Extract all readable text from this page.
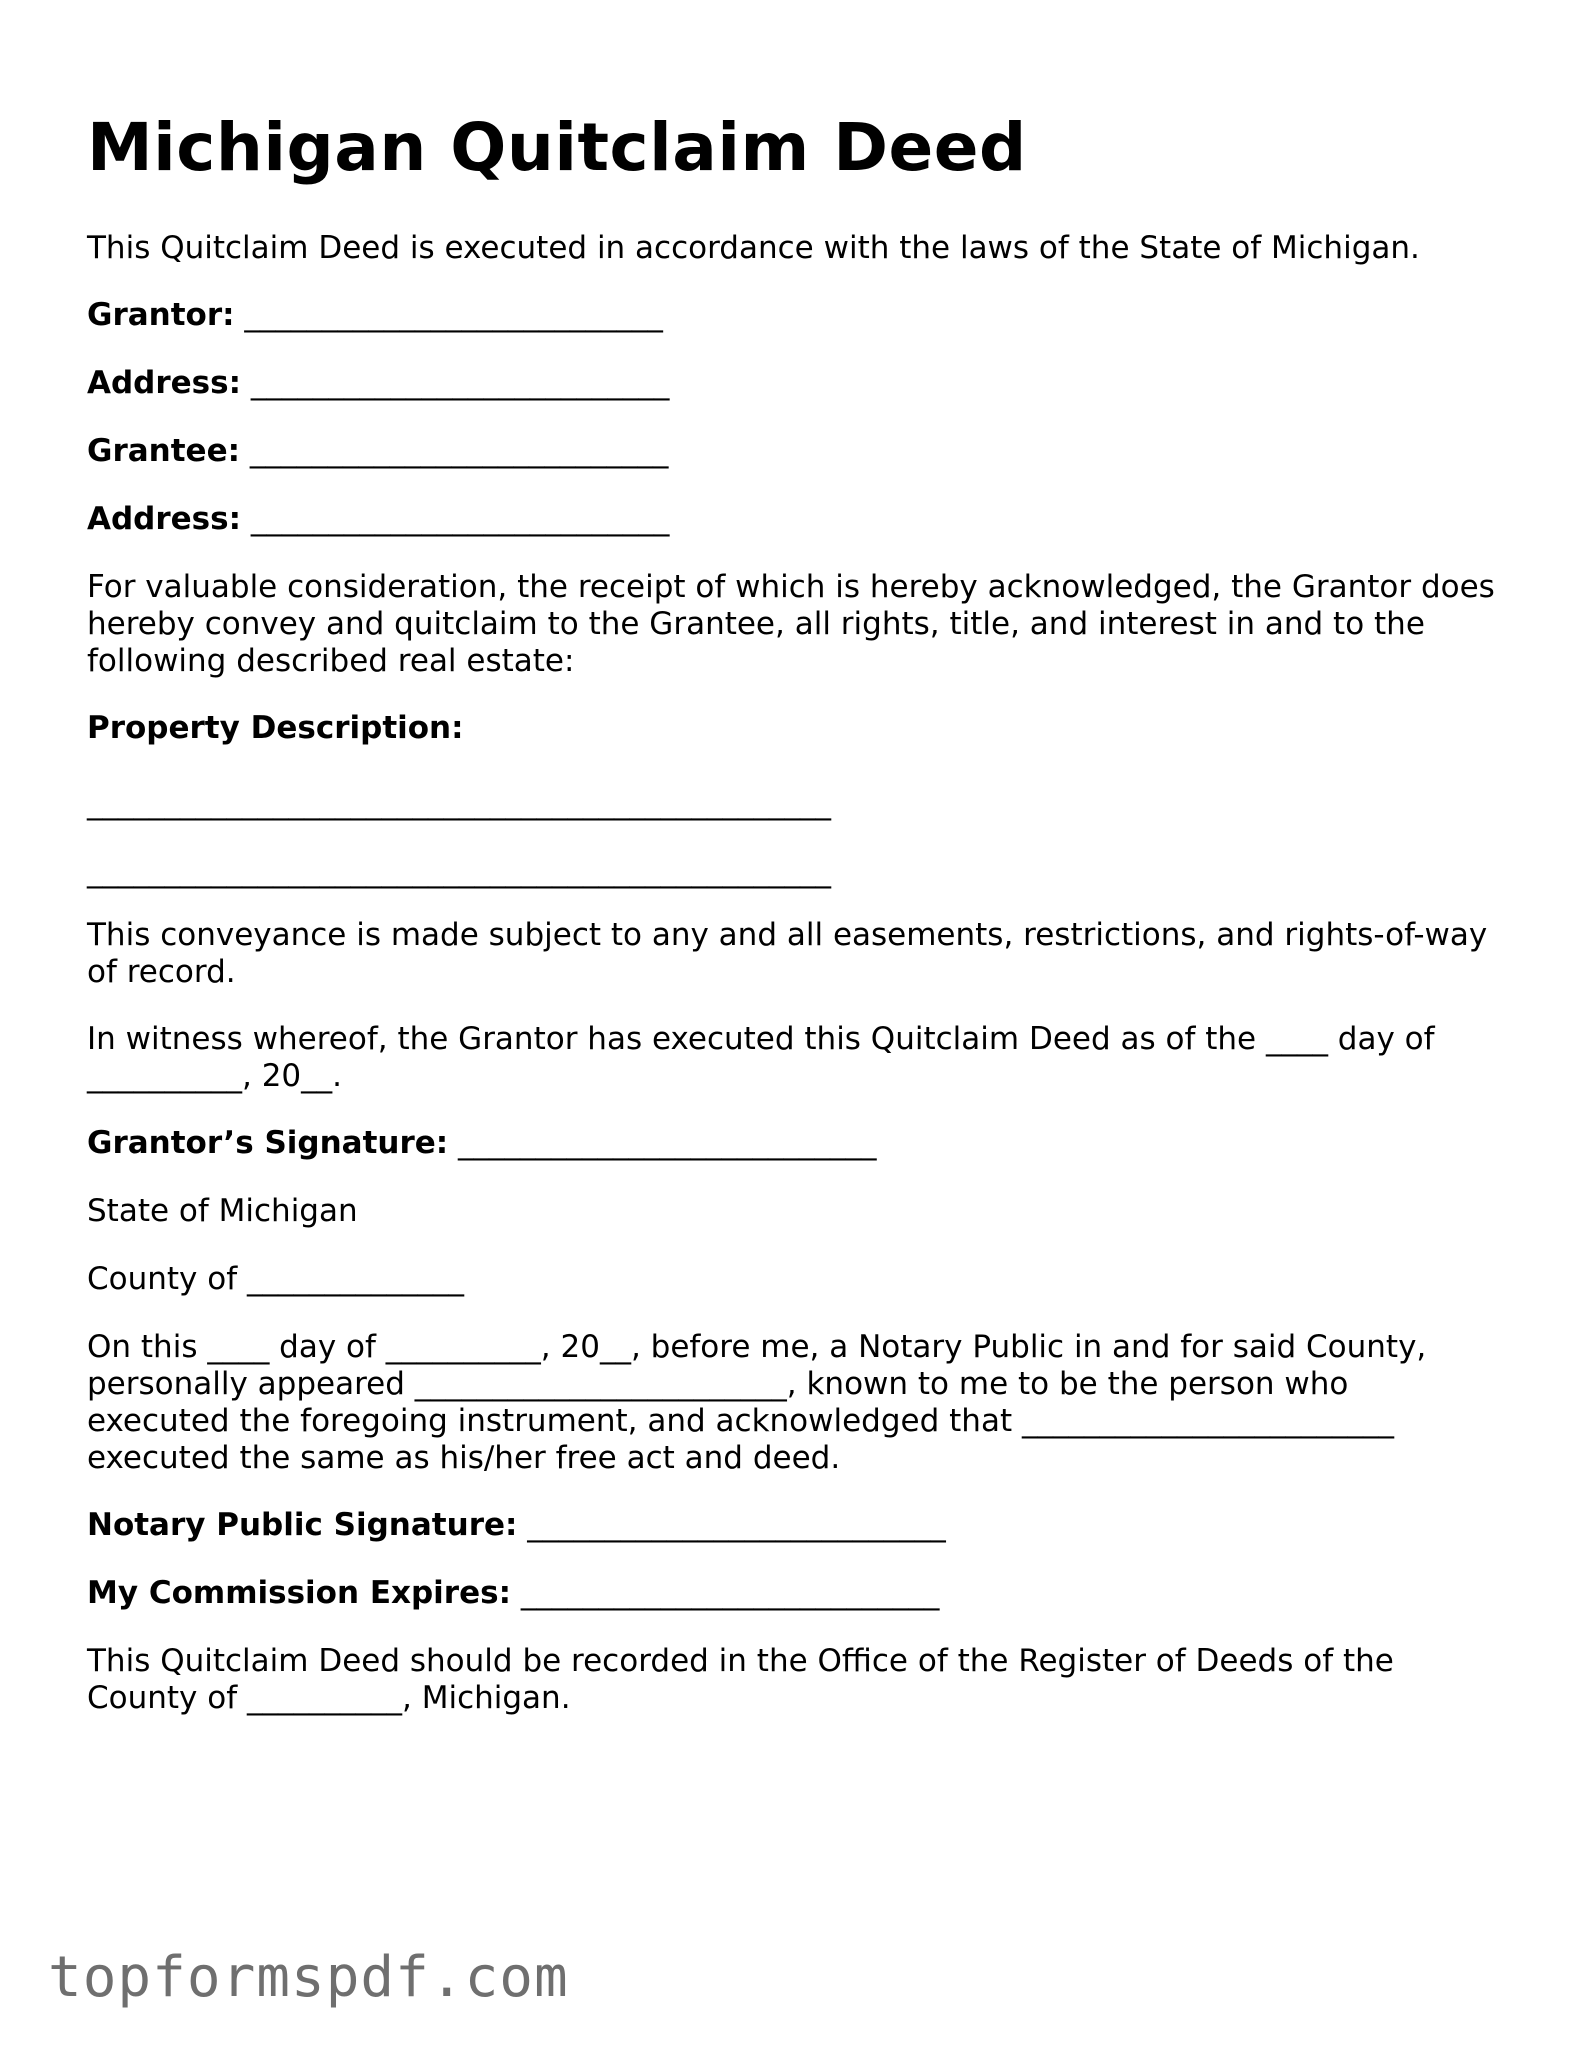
Michigan Quitclaim Deed

This Quitclaim Deed is executed in accordance with the laws of the State of Michigan.

Grantor: ___________________________

Address: ___________________________

Grantee: ___________________________

Address: ___________________________

For valuable consideration, the receipt of which is hereby acknowledged, the Grantor does

hereby convey and quitclaim to the Grantee, all rights, title, and interest in and to the

following described real estate:

Property Description:

________________________________________________
________________________________________________

This conveyance is made subject to any and all easements, restrictions, and rights-of-way

of record.

In witness whereof, the Grantor has executed this Quitclaim Deed as of the ____ day of

__________, 20__.

Grantor’s Signature: ___________________________

State of Michigan

County of ______________

On this ____ day of __________, 20__, before me, a Notary Public in and for said County,

personally appeared ________________________, known to me to be the person who

executed the foregoing instrument, and acknowledged that ________________________

executed the same as his/her free act and deed.

Notary Public Signature: ___________________________

My Commission Expires: ___________________________

This Quitclaim Deed should be recorded in the Office of the Register of Deeds of the

County of __________, Michigan.

topformspdf.com
